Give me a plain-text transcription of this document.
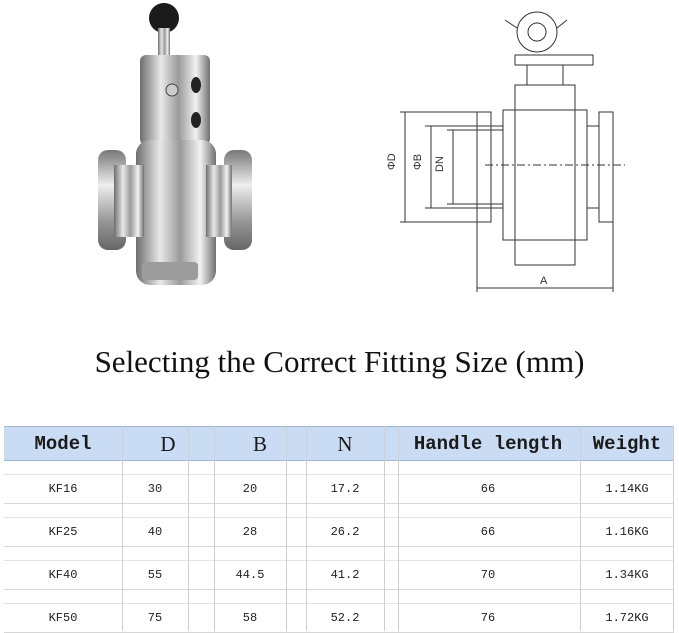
ΦD ΦB DN
A
Selecting the Correct Fitting Size (mm)
Model	D	B	N	Handle length	Weight
KF16	30	20	17.2	66	1.14KG
KF25	40	28	26.2	66	1.16KG
KF40	55	44.5	41.2	70	1.34KG
KF50	75	58	52.2	76	1.72KG
